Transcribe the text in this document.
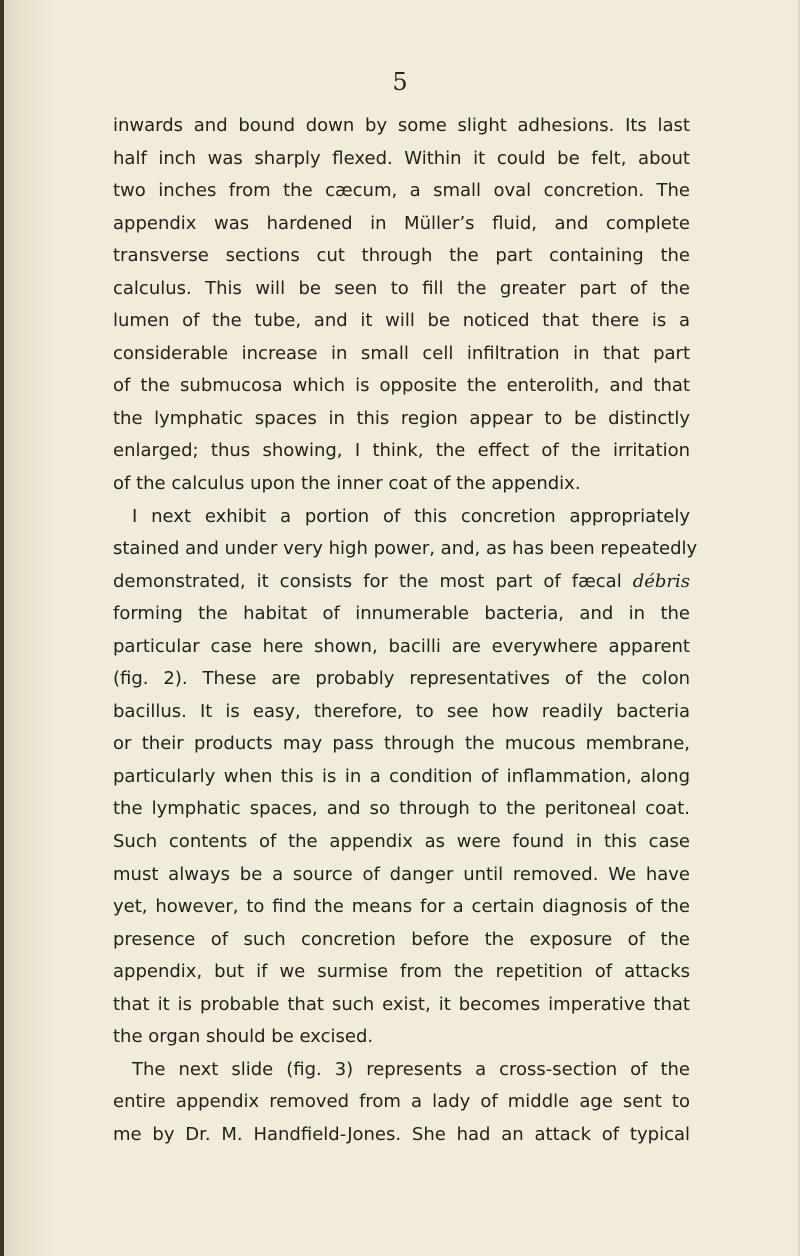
5
inwards and bound down by some slight adhesions. Its last
half inch was sharply flexed. Within it could be felt, about
two inches from the cæcum, a small oval concretion. The
appendix was hardened in Müller’s fluid, and complete
transverse sections cut through the part containing the
calculus. This will be seen to fill the greater part of the
lumen of the tube, and it will be noticed that there is a
considerable increase in small cell infiltration in that part
of the submucosa which is opposite the enterolith, and that
the lymphatic spaces in this region appear to be distinctly
enlarged; thus showing, I think, the effect of the irritation
of the calculus upon the inner coat of the appendix.
I next exhibit a portion of this concretion appropriately
stained and under very high power, and, as has been repeatedly
demonstrated, it consists for the most part of fæcal débris
forming the habitat of innumerable bacteria, and in the
particular case here shown, bacilli are everywhere apparent
(fig. 2). These are probably representatives of the colon
bacillus. It is easy, therefore, to see how readily bacteria
or their products may pass through the mucous membrane,
particularly when this is in a condition of inflammation, along
the lymphatic spaces, and so through to the peritoneal coat.
Such contents of the appendix as were found in this case
must always be a source of danger until removed. We have
yet, however, to find the means for a certain diagnosis of the
presence of such concretion before the exposure of the
appendix, but if we surmise from the repetition of attacks
that it is probable that such exist, it becomes imperative that
the organ should be excised.
The next slide (fig. 3) represents a cross-section of the
entire appendix removed from a lady of middle age sent to
me by Dr. M. Handfield-Jones. She had an attack of typical
